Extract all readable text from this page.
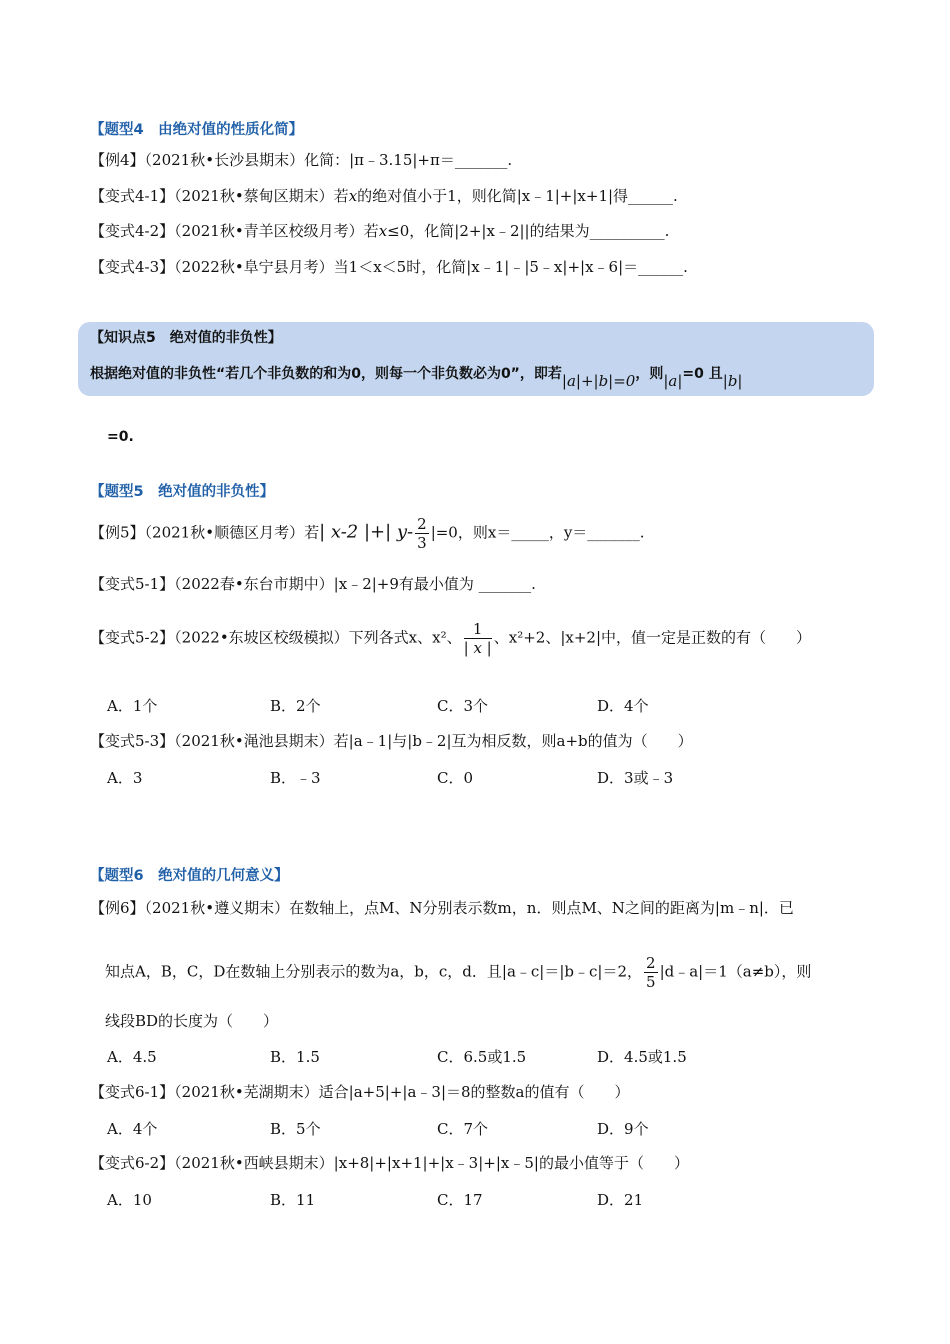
【题型4　由绝对值的性质化简】
【例4】（2021秋•长沙县期末）化简：|π﹣3.15|+π＝_______.
【变式4-1】（2021秋•蔡甸区期末）若x的绝对值小于1，则化简|x﹣1|+|x+1|得______.
【变式4-2】（2021秋•青羊区校级月考）若x≤0，化简|2+|x﹣2||的结果为__________.
【变式4-3】（2022秋•阜宁县月考）当1＜x＜5时，化简|x﹣1|﹣|5﹣x|+|x﹣6|＝______.
【知识点5　绝对值的非负性】
根据绝对值的非负性“若几个非负数的和为0，则每一个非负数必为0”，即若|a|+|b|=0，则|a|=0 且|b|
=0.
【题型5　绝对值的非负性】
【例5】（2021秋•顺德区月考）若| x-2 |+| $y- \frac{2}{3} |=0$，则x＝_____，y＝_______.
【变式5-1】（2022春•东台市期中）|x﹣2|+9有最小值为 _______.
【变式5-2】（2022•东坡区校级模拟）下列各式x、x²、 $\frac{1}{| x |}$ 、x²+2、|x+2|中，值一定是正数的有（　　）
A．1个	B．2个	C．3个	D．4个
【变式5-3】（2021秋•渑池县期末）若|a﹣1|与|b﹣2|互为相反数，则a+b的值为（　　）
A．3	B．﹣3	C．0	D．3或﹣3
【题型6　绝对值的几何意义】
【例6】（2021秋•遵义期末）在数轴上，点M、N分别表示数m，n．则点M、N之间的距离为|m﹣n|．已
知点A，B，C，D在数轴上分别表示的数为a，b，c，d．且|a﹣c|＝|b﹣c|＝2， $\frac{2}{5}$ |d﹣a|＝1（a≠b），则
线段BD的长度为（　　）
A．4.5	B．1.5	C．6.5或1.5	D．4.5或1.5
【变式6-1】（2021秋•芜湖期末）适合|a+5|+|a﹣3|＝8的整数a的值有（　　）
A．4个	B．5个	C．7个	D．9个
【变式6-2】（2021秋•西峡县期末）|x+8|+|x+1|+|x﹣3|+|x﹣5|的最小值等于（　　）
A．10	B．11	C．17	D．21
